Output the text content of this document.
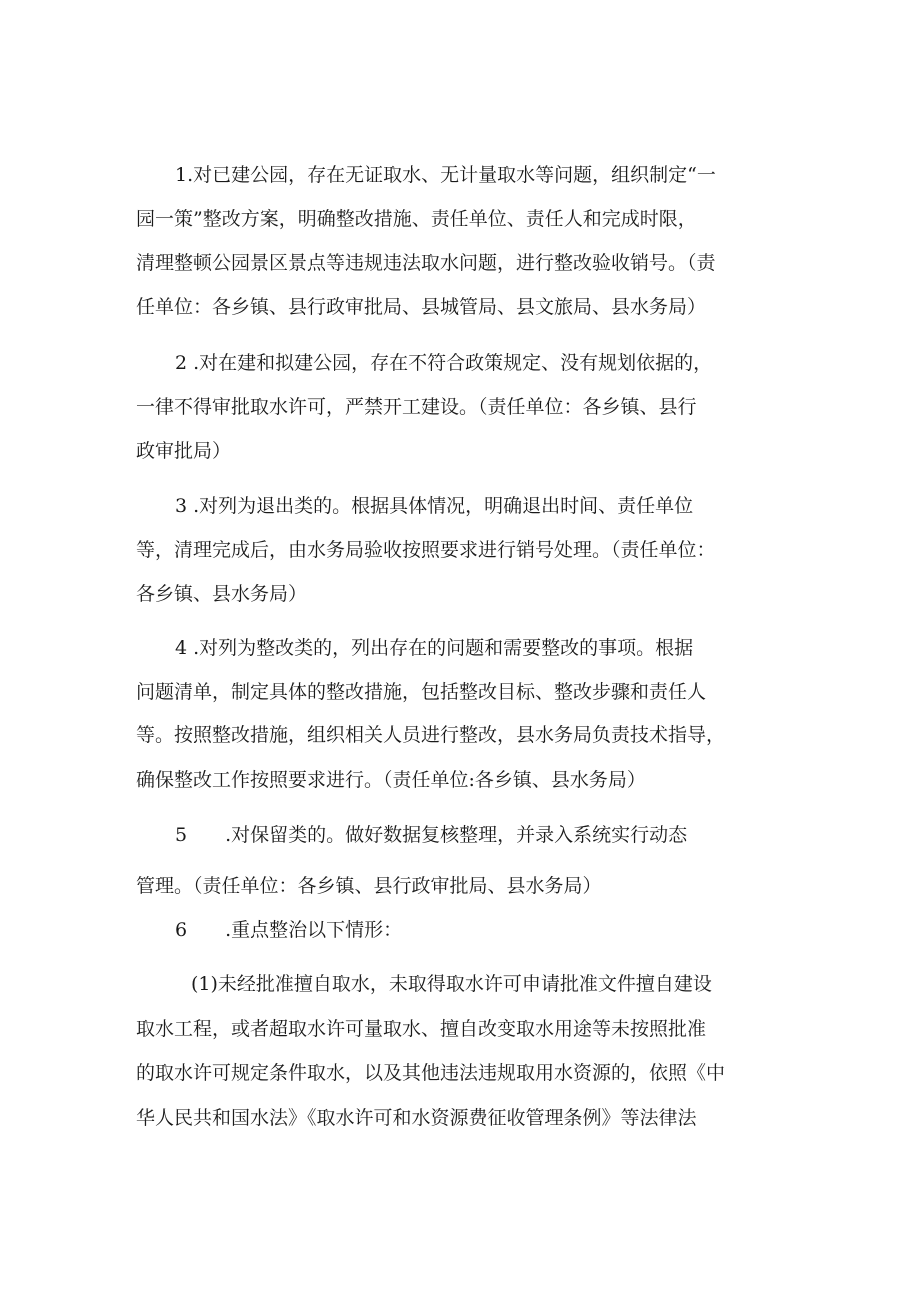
1.对已建公园，存在无证取水、无计量取水等问题，组织制定“一
园一策”整改方案，明确整改措施、责任单位、责任人和完成时限，
清理整顿公园景区景点等违规违法取水问题，进行整改验收销号。（责
任单位：各乡镇、县行政审批局、县城管局、县文旅局、县水务局）
2 .对在建和拟建公园，存在不符合政策规定、没有规划依据的，
一律不得审批取水许可，严禁开工建设。（责任单位：各乡镇、县行
政审批局）
3 .对列为退出类的。根据具体情况，明确退出时间、责任单位
等，清理完成后，由水务局验收按照要求进行销号处理。（责任单位：
各乡镇、县水务局）
4 .对列为整改类的，列出存在的问题和需要整改的事项。根据
问题清单，制定具体的整改措施，包括整改目标、整改步骤和责任人
等。按照整改措施，组织相关人员进行整改，县水务局负责技术指导，
确保整改工作按照要求进行。（责任单位:各乡镇、县水务局）
5　　.对保留类的。做好数据复核整理，并录入系统实行动态
管理。（责任单位：各乡镇、县行政审批局、县水务局）
6　　.重点整治以下情形：
(1)未经批准擅自取水，未取得取水许可申请批准文件擅自建设
取水工程，或者超取水许可量取水、擅自改变取水用途等未按照批准
的取水许可规定条件取水，以及其他违法违规取用水资源的，依照《中
华人民共和国水法》《取水许可和水资源费征收管理条例》等法律法
